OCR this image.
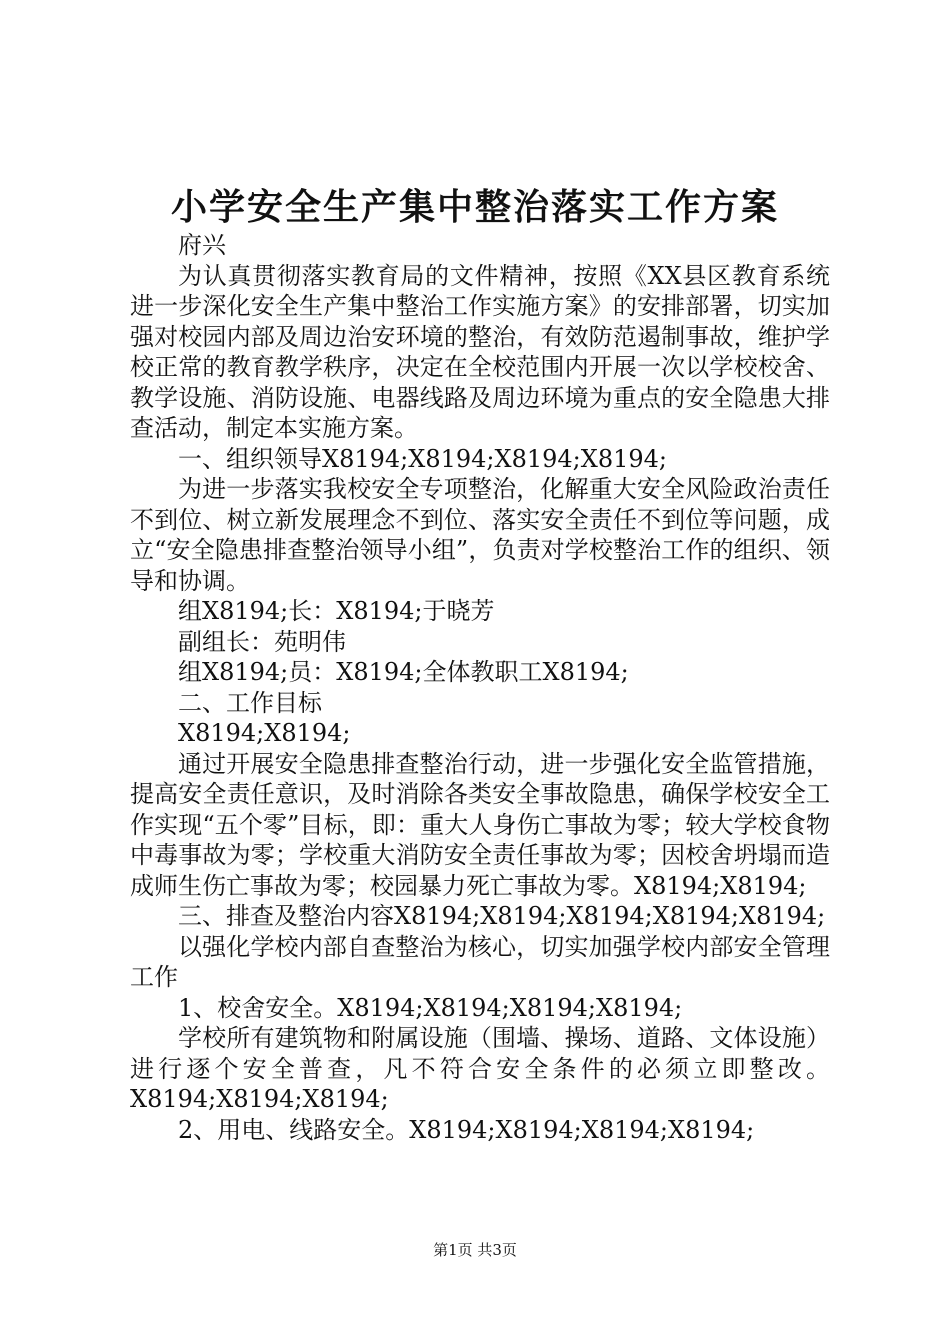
小学安全生产集中整治落实工作方案

府兴

为认真贯彻落实教育局的文件精神，按照《XX县区教育系统进一步深化安全生产集中整治工作实施方案》的安排部署，切实加强对校园内部及周边治安环境的整治，有效防范遏制事故，维护学校正常的教育教学秩序，决定在全校范围内开展一次以学校校舍、教学设施、消防设施、电器线路及周边环境为重点的安全隐患大排查活动，制定本实施方案。

一、组织领导X8194;X8194;X8194;X8194;

为进一步落实我校安全专项整治，化解重大安全风险政治责任不到位、树立新发展理念不到位、落实安全责任不到位等问题，成立“安全隐患排查整治领导小组”，负责对学校整治工作的组织、领导和协调。

组X8194;长：X8194;于晓芳

副组长：苑明伟

组X8194;员：X8194;全体教职工X8194;

二、工作目标

X8194;X8194;

通过开展安全隐患排查整治行动，进一步强化安全监管措施，提高安全责任意识，及时消除各类安全事故隐患，确保学校安全工作实现“五个零”目标，即：重大人身伤亡事故为零；较大学校食物中毒事故为零；学校重大消防安全责任事故为零；因校舍坍塌而造成师生伤亡事故为零；校园暴力死亡事故为零。X8194;X8194;

三、排查及整治内容X8194;X8194;X8194;X8194;X8194;

以强化学校内部自查整治为核心，切实加强学校内部安全管理工作

1、校舍安全。X8194;X8194;X8194;X8194;

学校所有建筑物和附属设施（围墙、操场、道路、文体设施）进行逐个安全普查，凡不符合安全条件的必须立即整改。X8194;X8194;X8194;

2、用电、线路安全。X8194;X8194;X8194;X8194;

第1页 共3页
